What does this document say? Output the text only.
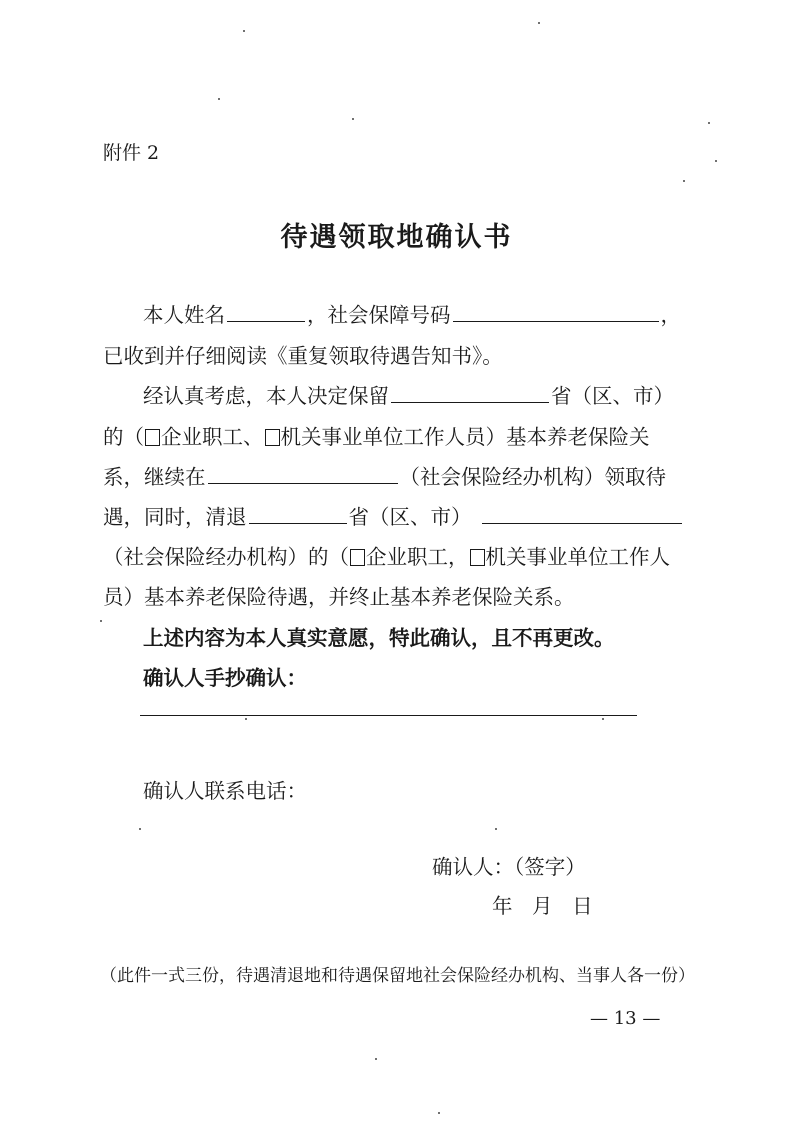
附件 2
待遇领取地确认书
本人姓名	，社会保障号码	，
已收到并仔细阅读《重复领取待遇告知书》。
经认真考虑，本人决定保留	省（区、市）
的（ 企业职工、 机关事业单位工作人员）基本养老保险关
系，继续在	（社会保险经办机构）领取待
遇，同时，清退	省（区、市）
（社会保险经办机构）的（ 企业职工， 机关事业单位工作人
员）基本养老保险待遇，并终止基本养老保险关系。
上述内容为本人真实意愿，特此确认，且不再更改。
确认人手抄确认：
确认人联系电话：
确认人：（签字）
年   月   日
（此件一式三份，待遇清退地和待遇保留地社会保险经办机构、当事人各一份）
— 13 —
